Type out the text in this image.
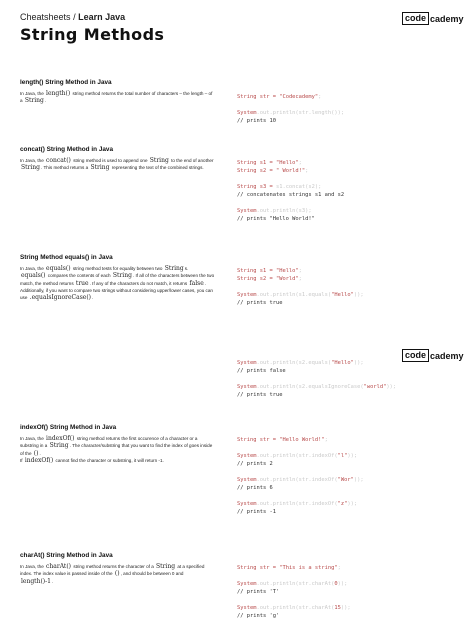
Cheatsheets / Learn Java	code cademy
String Methods
length() String Method in Java
In Java, the length() string method returns the total number of characters – the length – of a String.
String str = "Codecademy";

System.out.println(str.length());
// prints 10
concat() String Method in Java
In Java, the concat() string method is used to append one String to the end of another String. This method returns a String representing the text of the combined strings.
String s1 = "Hello";
String s2 = " World!";

String s3 = s1.concat(s2);
// concatenates strings s1 and s2

System.out.println(s3);
// prints "Hello World!"
String Method equals() in Java
In Java, the equals() string method tests for equality between two Strings. equals() compares the contents of each String. If all of the characters between the two match, the method returns true. If any of the characters do not match, it returns false.
Additionally, if you want to compare two strings without considering upper/lower cases, you can use .equalsIgnoreCase().
String s1 = "Hello";
String s2 = "World";

System.out.println(s1.equals("Hello"));
// prints true
code cademy
System.out.println(s2.equals("Hello"));
// prints false

System.out.println(s2.equalsIgnoreCase("world"));
// prints true
indexOf() String Method in Java
In Java, the indexOf() string method returns the first occurence of a character or a substring in a String. The character/substring that you want to find the index of goes inside of the ().
If indexOf() cannot find the character or substring, it will return -1.
String str = "Hello World!";

System.out.println(str.indexOf("l"));
// prints 2

System.out.println(str.indexOf("Wor"));
// prints 6

System.out.println(str.indexOf("z"));
// prints -1
charAt() String Method in Java
In Java, the charAt() string method returns the character of a String at a specified index. The index value is passed inside of the (), and should be between 0 and length()-1.
String str = "This is a string";

System.out.println(str.charAt(0));
// prints 'T'

System.out.println(str.charAt(15));
// prints 'g'
